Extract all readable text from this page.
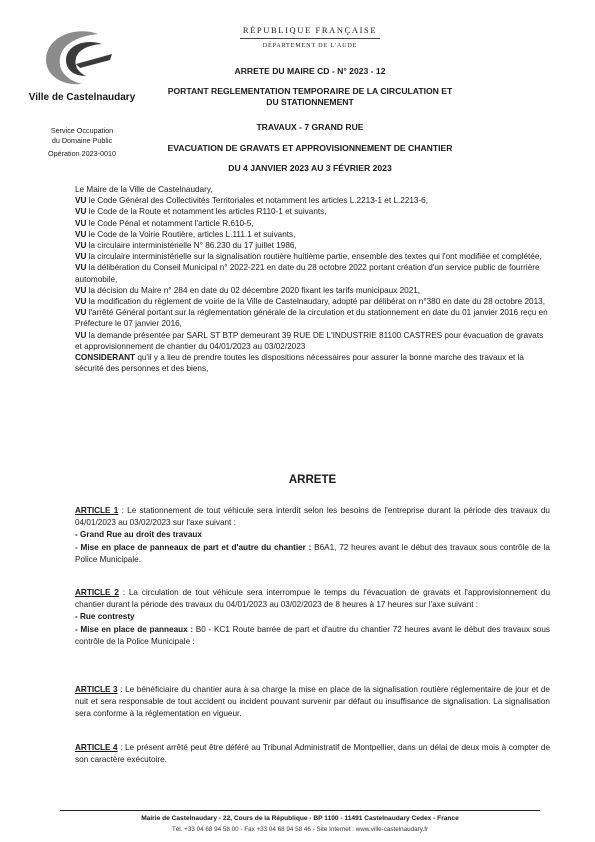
Ville de Castelnaudary
Service Occupation
du Domaine Public
Opération 2023-0010
RÉPUBLIQUE FRANÇAISE
DÉPARTEMENT DE L'AUDE
ARRETE DU MAIRE CD - N° 2023 - 12
PORTANT REGLEMENTATION TEMPORAIRE DE LA CIRCULATION ET DU STATIONNEMENT
TRAVAUX - 7 GRAND RUE
EVACUATION DE GRAVATS ET APPROVISIONNEMENT DE CHANTIER
DU 4 JANVIER 2023 AU 3 FÉVRIER 2023

Le Maire de la Ville de Castelnaudary,

VU le Code Général des Collectivités Territoriales et notamment les articles L.2213-1 et L.2213-6,

VU le Code de la Route et notamment les articles R110-1 et suivants,

VU le Code Pénal et notamment l'article R.610-5,

VU le Code de la Voirie Routière, articles L.111.1 et suivants,

VU la circulaire interministérielle N° 86.230 du 17 juillet 1986,

VU la circulaire interministérielle sur la signalisation routière huitième partie, ensemble des textes qui l'ont modifiée et complétée,

VU la délibération du Conseil Municipal n° 2022-221 en date du 28 octobre 2022 portant création d'un service public de fourrière automobile,

VU la décision du Maire n° 284 en date du 02 décembre 2020 fixant les tarifs municipaux 2021,

VU la modification du règlement de voirie de la Ville de Castelnaudary, adopté par délibérat on n°380 en date du 28 octobre 2013,

VU l'arrêté Général portant sur la réglementation générale de la circulation et du stationnement en date du 01 janvier 2016 reçu en Préfecture le 07 janvier 2016,

VU la demande présentée par SARL ST BTP demeurant 39 RUE DE L'INDUSTRIE 81100 CASTRES pour évacuation de gravats et approvisionnement de chantier du 04/01/2023 au 03/02/2023

CONSIDERANT qu'il y a lieu de prendre toutes les dispositions nécessaires pour assurer la bonne marche des travaux et la sécurité des personnes et des biens,

ARRETE

ARTICLE 1 : Le stationnement de tout véhicule sera interdit selon les besoins de l'entreprise durant la période des travaux du 04/01/2023 au 03/02/2023 sur l'axe suivant :

- Grand Rue au droit des travaux

- Mise en place de panneaux de part et d'autre du chantier : B6A1, 72 heures avant le début des travaux sous contrôle de la Police Municipale.

ARTICLE 2 : La circulation de tout véhicule sera interrompue le temps du l'évacuation de gravats et l'approvisionnement du chantier durant la période des travaux du 04/01/2023 au 03/02/2023 de 8 heures à 17 heures sur l'axe suivant :

- Rue contresty

- Mise en place de panneaux : B0 - KC1 Route barrée de part et d'autre du chantier 72 heures avant le début des travaux sous contrôle de la Police Municipale :

ARTICLE 3 : Le bénéficiaire du chantier aura à sa charge la mise en place de la signalisation routière réglementaire de jour et de nuit et sera responsable de tout accident ou incident pouvant survenir par défaut ou insuffisance de signalisation. La signalisation sera conforme à la réglementation en vigueur.

ARTICLE 4 : Le présent arrêté peut être déféré au Tribunal Administratif de Montpellier, dans un délai de deux mois à compter de son caractère exécutoire.

Mairie de Castelnaudary - 22, Cours de la République - BP 1100 - 11491 Castelnaudary Cedex - France
Tél. +33 04 68 94 58 00 - Fax +33 04 68 94 58 46 - Site Internet : www.ville-castelnaudary.fr
